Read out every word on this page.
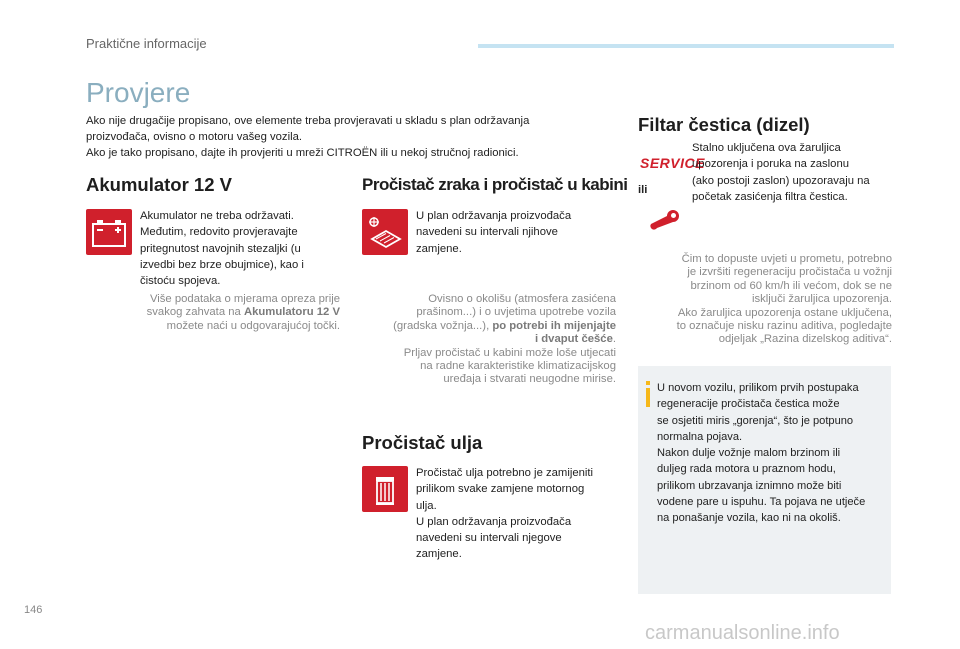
Praktične informacije
Provjere

Ako nije drugačije propisano, ove elemente treba provjeravati u skladu s plan održavanja

proizvođača, ovisno o motoru vašeg vozila.

Ako je tako propisano, dajte ih provjeriti u mreži CITROËN ili u nekoj stručnoj radionici.

Akumulator 12 V
Akumulator ne treba održavati.
Međutim, redovito provjeravajte
pritegnutost navojnih stezaljki (u
izvedbi bez brze obujmice), kao i
čistoću spojeva.
Više podataka o mjerama opreza prije
svakog zahvata na Akumulatoru 12 V
možete naći u odgovarajućoj točki.
Pročistač zraka i pročistač u kabini
U plan održavanja proizvođača
navedeni su intervali njihove
zamjene.
Ovisno o okolišu (atmosfera zasićena
prašinom...) i o uvjetima upotrebe vozila
(gradska vožnja...), po potrebi ih mijenjajte
i dvaput češće.
Prljav pročistač u kabini može loše utjecati
na radne karakteristike klimatizacijskog
uređaja i stvarati neugodne mirise.
Pročistač ulja
Pročistač ulja potrebno je zamijeniti
prilikom svake zamjene motornog
ulja.
U plan održavanja proizvođača
navedeni su intervali njegove
zamjene.
Filtar čestica (dizel)
SERVICE
ili
Stalno uključena ova žaruljica
upozorenja i poruka na zaslonu
(ako postoji zaslon) upozoravaju na
početak zasićenja filtra čestica.
Čim to dopuste uvjeti u prometu, potrebno
je izvršiti regeneraciju pročistača u vožnji
brzinom od 60 km/h ili većom, dok se ne
isključi žaruljica upozorenja.
Ako žaruljica upozorenja ostane uključena,
to označuje nisku razinu aditiva, pogledajte
odjeljak „Razina dizelskog aditiva“.
U novom vozilu, prilikom prvih postupaka
regeneracije pročistača čestica može
se osjetiti miris „gorenja“, što je potpuno
normalna pojava.
Nakon dulje vožnje malom brzinom ili
duljeg rada motora u praznom hodu,
prilikom ubrzavanja iznimno može biti
vodene pare u ispuhu. Ta pojava ne utječe
na ponašanje vozila, kao ni na okoliš.
146
carmanualsonline.info
